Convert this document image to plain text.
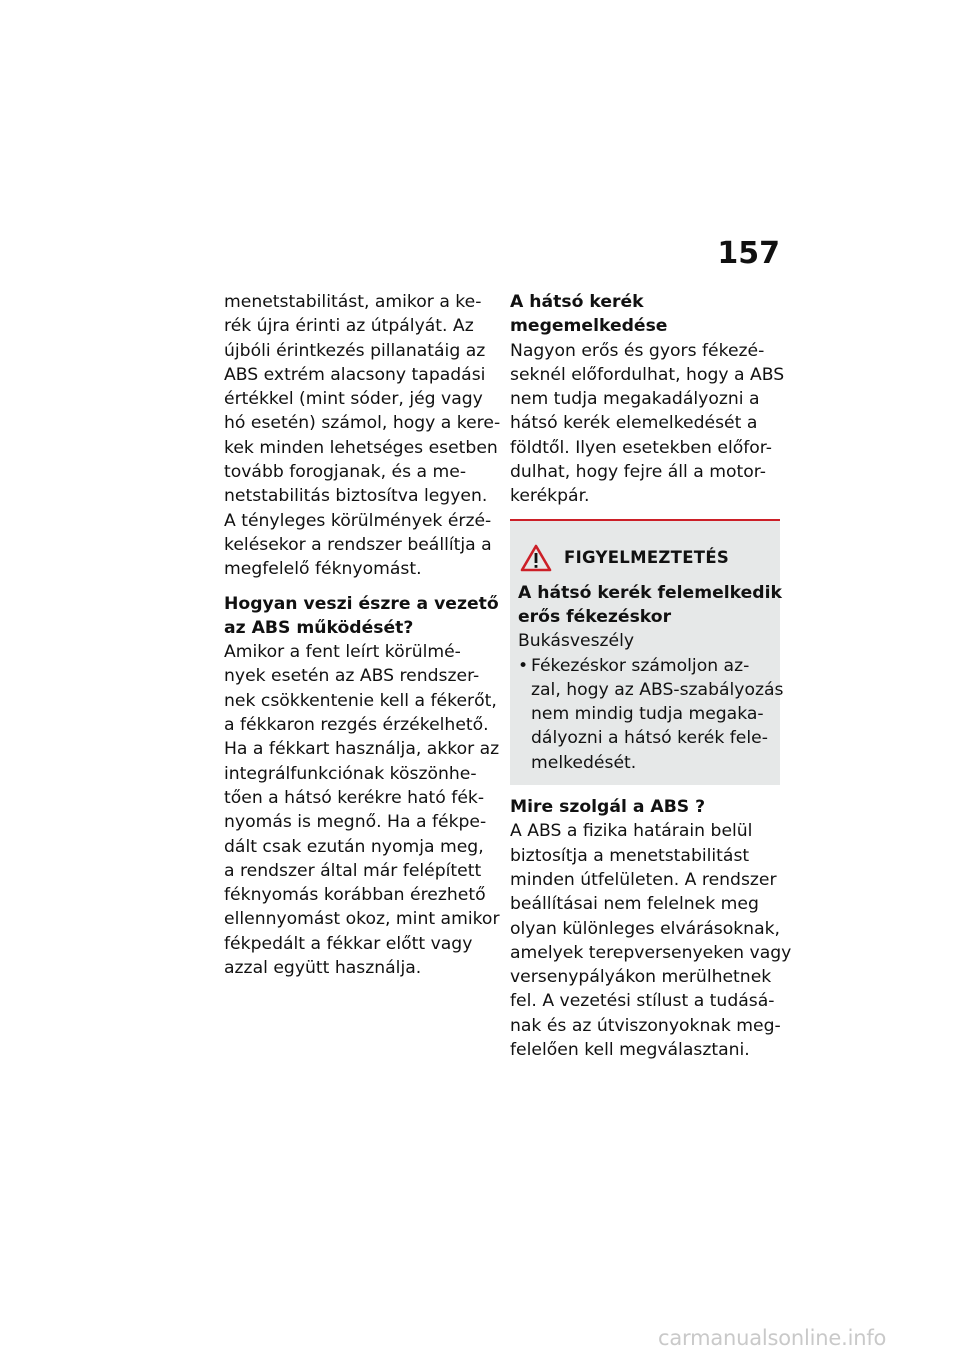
157
menetstabilitást, amikor a ke-
rék újra érinti az útpályát. Az
újbóli érintkezés pillanatáig az
ABS extrém alacsony tapadási
értékkel (mint sóder, jég vagy
hó esetén) számol, hogy a kere-
kek minden lehetséges esetben
tovább forogjanak, és a me-
netstabilitás biztosítva legyen.
A tényleges körülmények érzé-
kelésekor a rendszer beállítja a
megfelelő féknyomást.
Hogyan veszi észre a vezető
az ABS működését?
Amikor a fent leírt körülmé-
nyek esetén az ABS rendszer-
nek csökkentenie kell a fékerőt,
a fékkaron rezgés érzékelhető.
Ha a fékkart használja, akkor az
integrálfunkciónak köszönhe-
tően a hátsó kerékre ható fék-
nyomás is megnő. Ha a fékpe-
dált csak ezután nyomja meg,
a rendszer által már felépített
féknyomás korábban érezhető
ellennyomást okoz, mint amikor
fékpedált a fékkar előtt vagy
azzal együtt használja.
A hátsó kerék
megemelkedése
Nagyon erős és gyors fékezé-
seknél előfordulhat, hogy a ABS
nem tudja megakadályozni a
hátsó kerék elemelkedését a
földtől. Ilyen esetekben előfor-
dulhat, hogy fejre áll a motor-
kerékpár.
FIGYELMEZTETÉS
A hátsó kerék felemelkedik
erős fékezéskor
Bukásveszély
• Fékezéskor számoljon az-
zal, hogy az ABS-szabályozás
nem mindig tudja megaka-
dályozni a hátsó kerék fele-
melkedését.
Mire szolgál a ABS ?
A ABS a fizika határain belül
biztosítja a menetstabilitást
minden útfelületen. A rendszer
beállításai nem felelnek meg
olyan különleges elvárásoknak,
amelyek terepversenyeken vagy
versenypályákon merülhetnek
fel. A vezetési stílust a tudásá-
nak és az útviszonyoknak meg-
felelően kell megválasztani.
carmanualsonline.info
